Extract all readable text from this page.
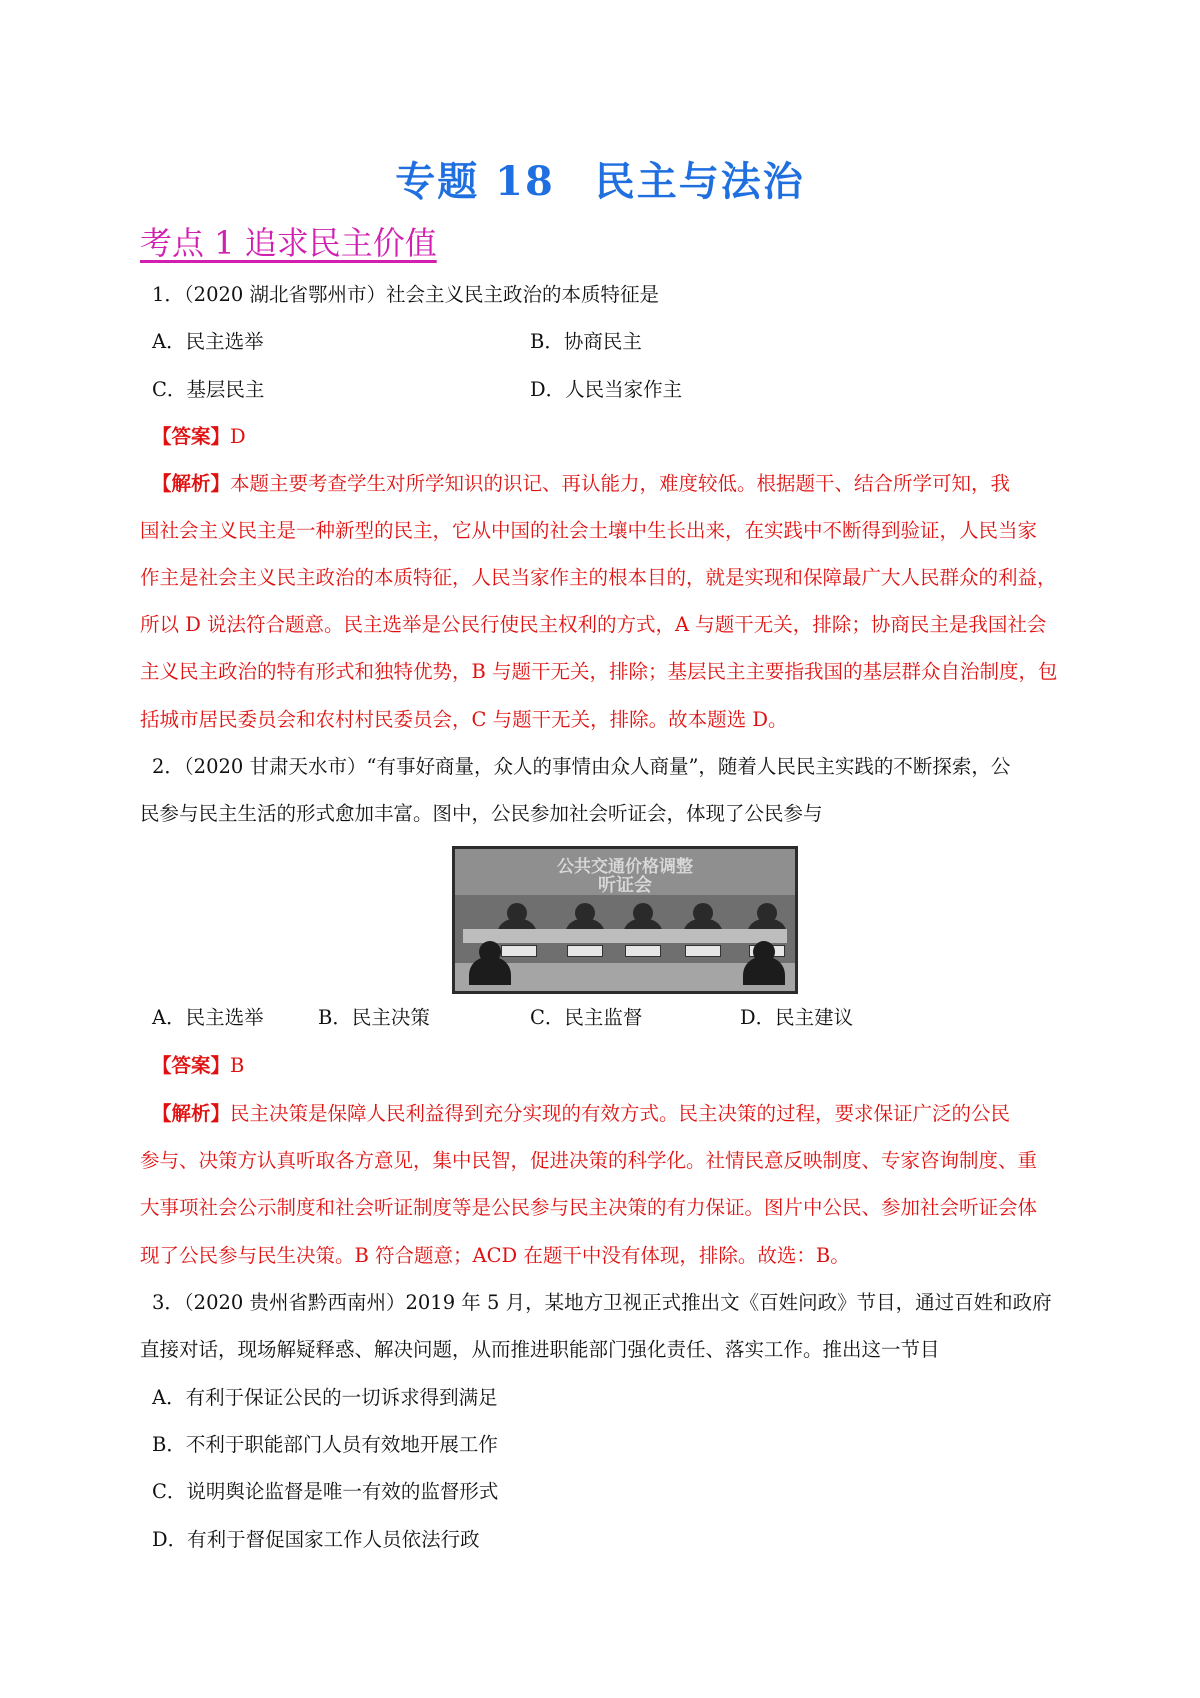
专题 18 民主与法治
考点 1 追求民主价值
1．（2020 湖北省鄂州市）社会主义民主政治的本质特征是
A．民主选举	B．协商民主
C．基层民主	D．人民当家作主
【答案】D
【解析】本题主要考查学生对所学知识的识记、再认能力，难度较低。根据题干、结合所学可知，我
国社会主义民主是一种新型的民主，它从中国的社会土壤中生长出来，在实践中不断得到验证，人民当家
作主是社会主义民主政治的本质特征，人民当家作主的根本目的，就是实现和保障最广大人民群众的利益，
所以 D 说法符合题意。民主选举是公民行使民主权利的方式，A 与题干无关，排除；协商民主是我国社会
主义民主政治的特有形式和独特优势，B 与题干无关，排除；基层民主主要指我国的基层群众自治制度，包
括城市居民委员会和农村村民委员会，C 与题干无关，排除。故本题选 D。
2．（2020 甘肃天水市）“有事好商量，众人的事情由众人商量”，随着人民民主实践的不断探索，公
民参与民主生活的形式愈加丰富。图中，公民参加社会听证会，体现了公民参与
公共交通价格调整
听证会
A．民主选举	B．民主决策	C．民主监督	D．民主建议
【答案】B
【解析】民主决策是保障人民利益得到充分实现的有效方式。民主决策的过程，要求保证广泛的公民
参与、决策方认真听取各方意见，集中民智，促进决策的科学化。社情民意反映制度、专家咨询制度、重
大事项社会公示制度和社会听证制度等是公民参与民主决策的有力保证。图片中公民、参加社会听证会体
现了公民参与民生决策。B 符合题意；ACD 在题干中没有体现，排除。故选：B。
3．（2020 贵州省黔西南州）2019 年 5 月，某地方卫视正式推出文《百姓问政》节目，通过百姓和政府
直接对话，现场解疑释惑、解决问题，从而推进职能部门强化责任、落实工作。推出这一节目
A．有利于保证公民的一切诉求得到满足
B．不利于职能部门人员有效地开展工作
C．说明舆论监督是唯一有效的监督形式
D．有利于督促国家工作人员依法行政
